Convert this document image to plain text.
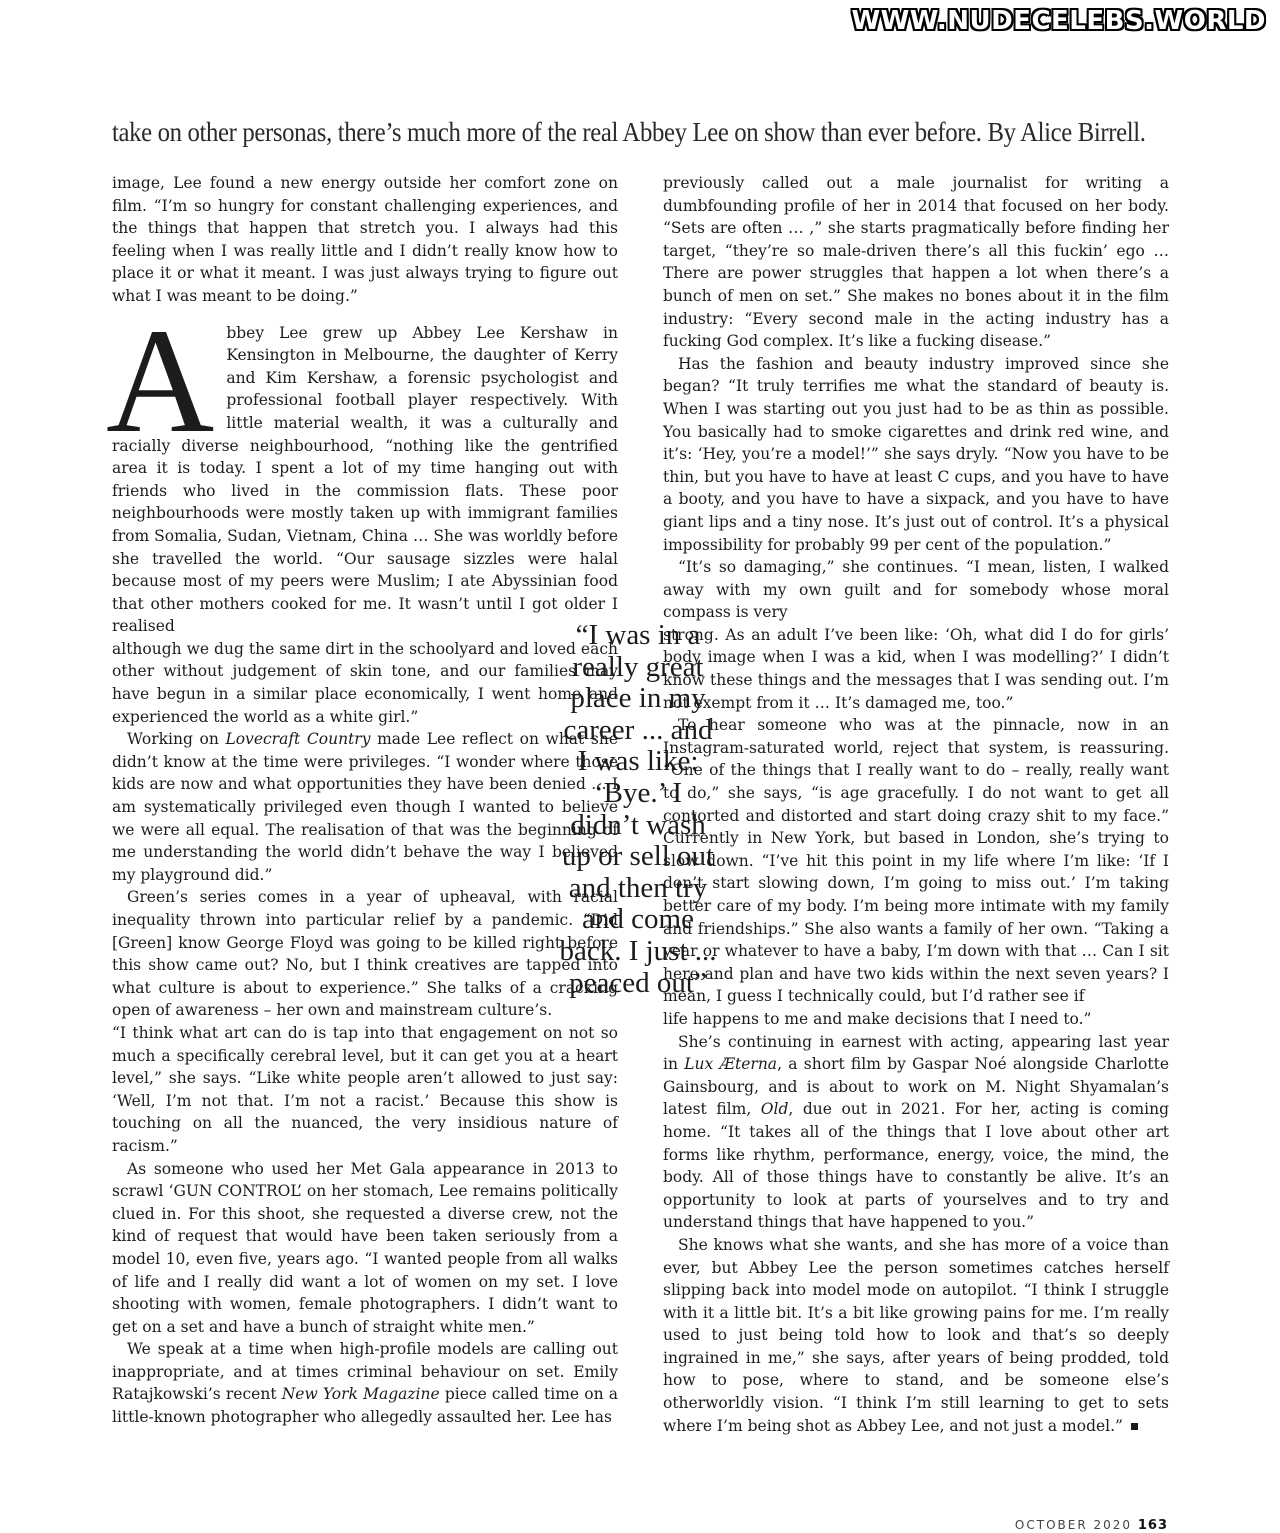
WWW.NUDECELEBS.WORLD
take on other personas, there’s much more of the real Abbey Lee on show than ever before. By Alice Birrell.

image, Lee found a new energy outside her comfort zone on film. “I’m so hungry for constant challenging experiences, and the things that happen that stretch you. I always had this feeling when I was really little and I didn’t really know how to place it or what it meant. I was just always trying to figure out what I was meant to be doing.”

Abbey Lee grew up Abbey Lee Kershaw in Kensington in Melbourne, the daughter of Kerry and Kim Kershaw, a forensic psychologist and professional football player respectively. With little material wealth, it was a culturally and racially diverse neighbourhood, “nothing like the gentrified area it is today. I spent a lot of my time hanging out with friends who lived in the commission flats. These poor neighbourhoods were mostly taken up with immigrant families from Somalia, Sudan, Vietnam, China … She was worldly before she travelled the world. “Our sausage sizzles were halal because most of my peers were Muslim; I ate Abyssinian food that other mothers cooked for me. It wasn’t until I got older I realised

although we dug the same dirt in the schoolyard and loved each other without judgement of skin tone, and our families may have begun in a similar place economically, I went home and experienced the world as a white girl.”

Working on Lovecraft Country made Lee reflect on what she didn’t know at the time were privileges. “I wonder where those kids are now and what opportunities they have been denied … I am systematically privileged even though I wanted to believe we were all equal. The realisation of that was the beginning of me understanding the world didn’t behave the way I believed my playground did.”

Green’s series comes in a year of upheaval, with racial inequality thrown into particular relief by a pandemic. “Did [Green] know George Floyd was going to be killed right before this show came out? No, but I think creatives are tapped into what culture is about to experience.” She talks of a cracking open of awareness – her own and mainstream culture’s.

“I think what art can do is tap into that engagement on not so much a specifically cerebral level, but it can get you at a heart level,” she says. “Like white people aren’t allowed to just say: ‘Well, I’m not that. I’m not a racist.’ Because this show is touching on all the nuanced, the very insidious nature of racism.”

As someone who used her Met Gala appearance in 2013 to scrawl ‘GUN CONTROL’ on her stomach, Lee remains politically clued in. For this shoot, she requested a diverse crew, not the kind of request that would have been taken seriously from a model 10, even five, years ago. “I wanted people from all walks of life and I really did want a lot of women on my set. I love shooting with women, female photographers. I didn’t want to get on a set and have a bunch of straight white men.”

We speak at a time when high-profile models are calling out inappropriate, and at times criminal behaviour on set. Emily Ratajkowski’s recent New York Magazine piece called time on a little-known photographer who allegedly assaulted her. Lee has

previously called out a male journalist for writing a dumbfounding profile of her in 2014 that focused on her body. “Sets are often … ,” she starts pragmatically before finding her target, “they’re so male-driven there’s all this fuckin’ ego … There are power struggles that happen a lot when there’s a bunch of men on set.” She makes no bones about it in the film industry: “Every second male in the acting industry has a fucking God complex. It’s like a fucking disease.”

Has the fashion and beauty industry improved since she began? “It truly terrifies me what the standard of beauty is. When I was starting out you just had to be as thin as possible. You basically had to smoke cigarettes and drink red wine, and it’s: ‘Hey, you’re a model!’” she says dryly. “Now you have to be thin, but you have to have at least C cups, and you have to have a booty, and you have to have a sixpack, and you have to have giant lips and a tiny nose. It’s just out of control. It’s a physical impossibility for probably 99 per cent of the population.”

“It’s so damaging,” she continues. “I mean, listen, I walked away with my own guilt and for somebody whose moral compass is very

strong. As an adult I’ve been like: ‘Oh, what did I do for girls’ body image when I was a kid, when I was modelling?’ I didn’t know these things and the messages that I was sending out. I’m not exempt from it … It’s damaged me, too.”

To hear someone who was at the pinnacle, now in an Instagram-saturated world, reject that system, is reassuring. “One of the things that I really want to do – really, really want to do,” she says, “is age gracefully. I do not want to get all contorted and distorted and start doing crazy shit to my face.” Currently in New York, but based in London, she’s trying to slow down. “I’ve hit this point in my life where I’m like: ‘If I don’t start slowing down, I’m going to miss out.’ I’m taking better care of my body. I’m being more intimate with my family and friendships.” She also wants a family of her own. “Taking a year or whatever to have a baby, I’m down with that … Can I sit here and plan and have two kids within the next seven years? I mean, I guess I technically could, but I’d rather see if

life happens to me and make decisions that I need to.”

She’s continuing in earnest with acting, appearing last year in Lux Æterna, a short film by Gaspar Noé alongside Charlotte Gainsbourg, and is about to work on M. Night Shyamalan’s latest film, Old, due out in 2021. For her, acting is coming home. “It takes all of the things that I love about other art forms like rhythm, performance, energy, voice, the mind, the body. All of those things have to constantly be alive. It’s an opportunity to look at parts of yourselves and to try and understand things that have happened to you.”

She knows what she wants, and she has more of a voice than ever, but Abbey Lee the person sometimes catches herself slipping back into model mode on autopilot. “I think I struggle with it a little bit. It’s a bit like growing pains for me. I’m really used to just being told how to look and that’s so deeply ingrained in me,” she says, after years of being prodded, told how to pose, where to stand, and be someone else’s otherworldly vision. “I think I’m still learning to get to sets where I’m being shot as Abbey Lee, and not just a model.”

“I was in a really great place in my career ... and I was like: ‘Bye.’ I didn’t wash up or sell out and then try and come back. I just ... peaced out”
OCTOBER 2020 163
